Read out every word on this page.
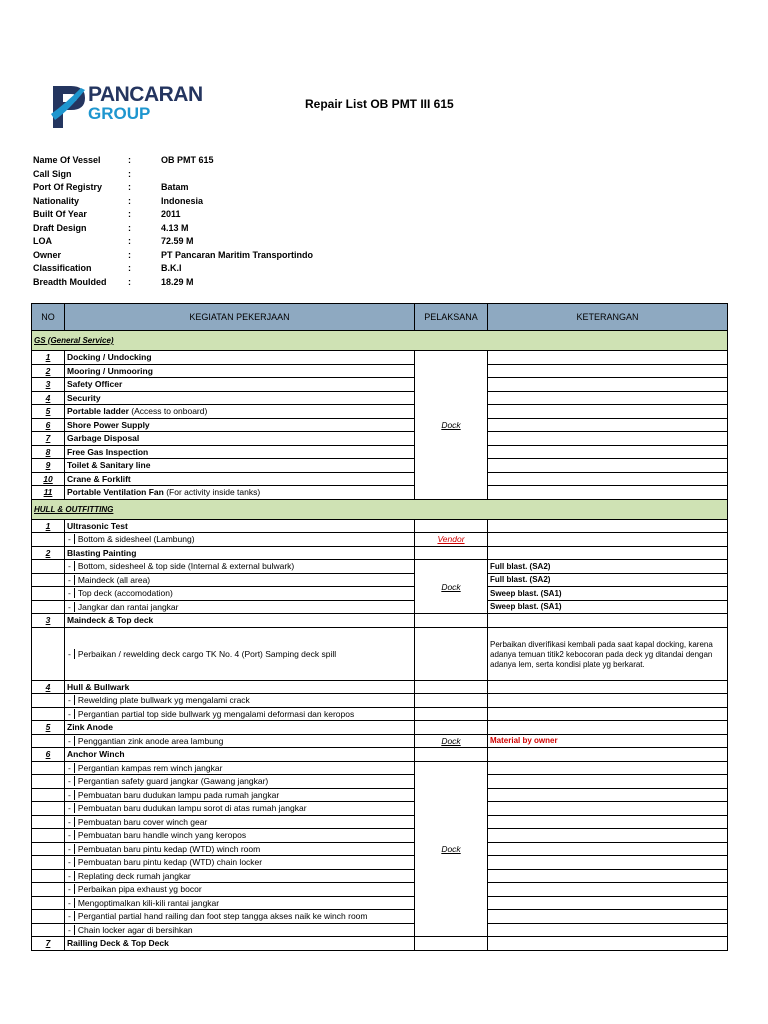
PANCARAN
GROUP	Repair List OB PMT III 615
Name Of Vessel	:	OB PMT 615
Call Sign	:
Port Of Registry	:	Batam
Nationality	:	Indonesia
Built Of Year	:	2011
Draft Design	:	4.13 M
LOA	:	72.59 M
Owner	:	PT Pancaran Maritim Transportindo
Classification	:	B.K.I
Breadth Moulded :	18.29 M
NO	KEGIATAN PEKERJAAN	PELAKSANA	KETERANGAN
GS (General Service)			
1	Docking / Undocking	Dock	
2	Mooring / Unmooring		
3	Safety Officer		
4	Security		
5	Portable ladder (Access to onboard)		
6	Shore Power Supply		
7	Garbage Disposal		
8	Free Gas Inspection		
9	Toilet & Sanitary line		
10	Crane & Forklift		
11	Portable Ventilation Fan (For activity inside tanks)		
HULL & OUTFITTING			
1	Ultrasonic Test		
	- Bottom & sidesheel (Lambung)	Vendor	
2	Blasting Painting		
	- Bottom, sidesheel & top side (Internal & external bulwark)	Dock	Full blast. (SA2)
	- Maindeck (all area)		Full blast. (SA2)
	- Top deck (accomodation)		Sweep blast. (SA1)
	- Jangkar dan rantai jangkar		Sweep blast. (SA1)
3	Maindeck & Top deck		
	- Perbaikan / rewelding deck cargo TK No. 4 (Port) Samping deck spill		Perbaikan diverifikasi kembali pada saat kapal docking, karena adanya temuan titik2 kebocoran pada deck yg ditandai dengan adanya lem, serta kondisi plate yg berkarat.
4	Hull & Bullwark		
	- Rewelding plate bullwark yg mengalami crack		
	- Pergantian partial top side bullwark yg mengalami deformasi dan keropos		
5	Zink Anode		
	- Penggantian zink anode area lambung	Dock	Material by owner
6	Anchor Winch		
	- Pergantian kampas rem winch jangkar	Dock	
	- Pergantian safety guard jangkar (Gawang jangkar)		
	- Pembuatan baru dudukan lampu pada rumah jangkar		
	- Pembuatan baru dudukan lampu sorot di atas rumah jangkar		
	- Pembuatan baru cover winch gear		
	- Pembuatan baru handle winch yang keropos		
	- Pembuatan baru pintu kedap (WTD) winch room		
	- Pembuatan baru pintu kedap (WTD) chain locker		
	- Replating deck rumah jangkar		
	- Perbaikan pipa exhaust yg bocor		
	- Mengoptimalkan kili-kili rantai jangkar		
	- Pergantial partial hand railing dan foot step tangga akses naik ke winch room		
	- Chain locker agar di bersihkan		
7	Railling Deck & Top Deck		
